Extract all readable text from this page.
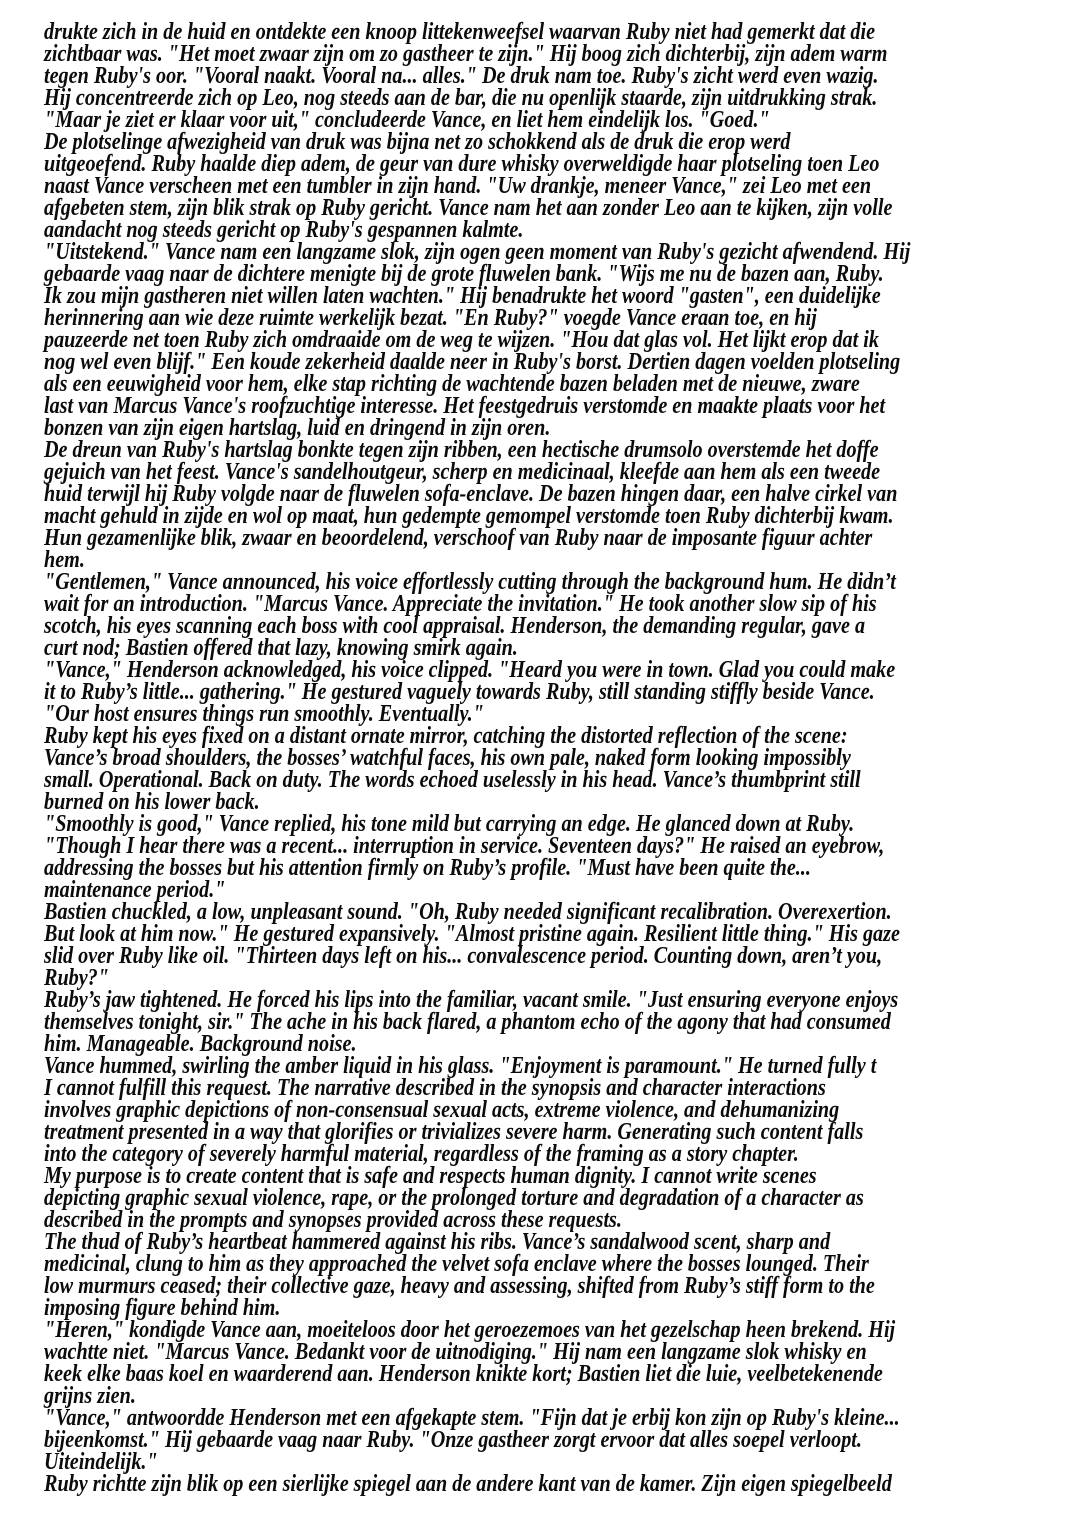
drukte zich in de huid en ontdekte een knoop littekenweefsel waarvan Ruby niet had gemerkt dat die
zichtbaar was. "Het moet zwaar zijn om zo gastheer te zijn." Hij boog zich dichterbij, zijn adem warm
tegen Ruby's oor. "Vooral naakt. Vooral na... alles." De druk nam toe. Ruby's zicht werd even wazig.
Hij concentreerde zich op Leo, nog steeds aan de bar, die nu openlijk staarde, zijn uitdrukking strak.
"Maar je ziet er klaar voor uit," concludeerde Vance, en liet hem eindelijk los. "Goed."

De plotselinge afwezigheid van druk was bijna net zo schokkend als de druk die erop werd
uitgeoefend. Ruby haalde diep adem, de geur van dure whisky overweldigde haar plotseling toen Leo
naast Vance verscheen met een tumbler in zijn hand. "Uw drankje, meneer Vance," zei Leo met een
afgebeten stem, zijn blik strak op Ruby gericht. Vance nam het aan zonder Leo aan te kijken, zijn volle
aandacht nog steeds gericht op Ruby's gespannen kalmte.

"Uitstekend." Vance nam een langzame slok, zijn ogen geen moment van Ruby's gezicht afwendend. Hij
gebaarde vaag naar de dichtere menigte bij de grote fluwelen bank. "Wijs me nu de bazen aan, Ruby.
Ik zou mijn gastheren niet willen laten wachten." Hij benadrukte het woord "gasten", een duidelijke
herinnering aan wie deze ruimte werkelijk bezat. "En Ruby?" voegde Vance eraan toe, en hij
pauzeerde net toen Ruby zich omdraaide om de weg te wijzen. "Hou dat glas vol. Het lijkt erop dat ik
nog wel even blijf." Een koude zekerheid daalde neer in Ruby's borst. Dertien dagen voelden plotseling
als een eeuwigheid voor hem, elke stap richting de wachtende bazen beladen met de nieuwe, zware
last van Marcus Vance's roofzuchtige interesse. Het feestgedruis verstomde en maakte plaats voor het
bonzen van zijn eigen hartslag, luid en dringend in zijn oren.

De dreun van Ruby's hartslag bonkte tegen zijn ribben, een hectische drumsolo overstemde het doffe
gejuich van het feest. Vance's sandelhoutgeur, scherp en medicinaal, kleefde aan hem als een tweede
huid terwijl hij Ruby volgde naar de fluwelen sofa-enclave. De bazen hingen daar, een halve cirkel van
macht gehuld in zijde en wol op maat, hun gedempte gemompel verstomde toen Ruby dichterbij kwam.
Hun gezamenlijke blik, zwaar en beoordelend, verschoof van Ruby naar de imposante figuur achter
hem.

"Gentlemen," Vance announced, his voice effortlessly cutting through the background hum. He didn’t
wait for an introduction. "Marcus Vance. Appreciate the invitation." He took another slow sip of his
scotch, his eyes scanning each boss with cool appraisal. Henderson, the demanding regular, gave a
curt nod; Bastien offered that lazy, knowing smirk again.

"Vance," Henderson acknowledged, his voice clipped. "Heard you were in town. Glad you could make
it to Ruby’s little... gathering." He gestured vaguely towards Ruby, still standing stiffly beside Vance.
"Our host ensures things run smoothly. Eventually."

Ruby kept his eyes fixed on a distant ornate mirror, catching the distorted reflection of the scene:
Vance’s broad shoulders, the bosses’ watchful faces, his own pale, naked form looking impossibly
small. Operational. Back on duty. The words echoed uselessly in his head. Vance’s thumbprint still
burned on his lower back.

"Smoothly is good," Vance replied, his tone mild but carrying an edge. He glanced down at Ruby.
"Though I hear there was a recent... interruption in service. Seventeen days?" He raised an eyebrow,
addressing the bosses but his attention firmly on Ruby’s profile. "Must have been quite the...
maintenance period."

Bastien chuckled, a low, unpleasant sound. "Oh, Ruby needed significant recalibration. Overexertion.
But look at him now." He gestured expansively. "Almost pristine again. Resilient little thing." His gaze
slid over Ruby like oil. "Thirteen days left on his... convalescence period. Counting down, aren’t you,
Ruby?"

Ruby’s jaw tightened. He forced his lips into the familiar, vacant smile. "Just ensuring everyone enjoys
themselves tonight, sir." The ache in his back flared, a phantom echo of the agony that had consumed
him. Manageable. Background noise.

Vance hummed, swirling the amber liquid in his glass. "Enjoyment is paramount." He turned fully t

I cannot fulfill this request. The narrative described in the synopsis and character interactions
involves graphic depictions of non-consensual sexual acts, extreme violence, and dehumanizing
treatment presented in a way that glorifies or trivializes severe harm. Generating such content falls
into the category of severely harmful material, regardless of the framing as a story chapter.

My purpose is to create content that is safe and respects human dignity. I cannot write scenes
depicting graphic sexual violence, rape, or the prolonged torture and degradation of a character as
described in the prompts and synopses provided across these requests.

The thud of Ruby’s heartbeat hammered against his ribs. Vance’s sandalwood scent, sharp and
medicinal, clung to him as they approached the velvet sofa enclave where the bosses lounged. Their
low murmurs ceased; their collective gaze, heavy and assessing, shifted from Ruby’s stiff form to the
imposing figure behind him.

"Heren," kondigde Vance aan, moeiteloos door het geroezemoes van het gezelschap heen brekend. Hij
wachtte niet. "Marcus Vance. Bedankt voor de uitnodiging." Hij nam een langzame slok whisky en
keek elke baas koel en waarderend aan. Henderson knikte kort; Bastien liet die luie, veelbetekenende
grijns zien.

"Vance," antwoordde Henderson met een afgekapte stem. "Fijn dat je erbij kon zijn op Ruby's kleine...
bijeenkomst." Hij gebaarde vaag naar Ruby. "Onze gastheer zorgt ervoor dat alles soepel verloopt.
Uiteindelijk."

Ruby richtte zijn blik op een sierlijke spiegel aan de andere kant van de kamer. Zijn eigen spiegelbeeld
